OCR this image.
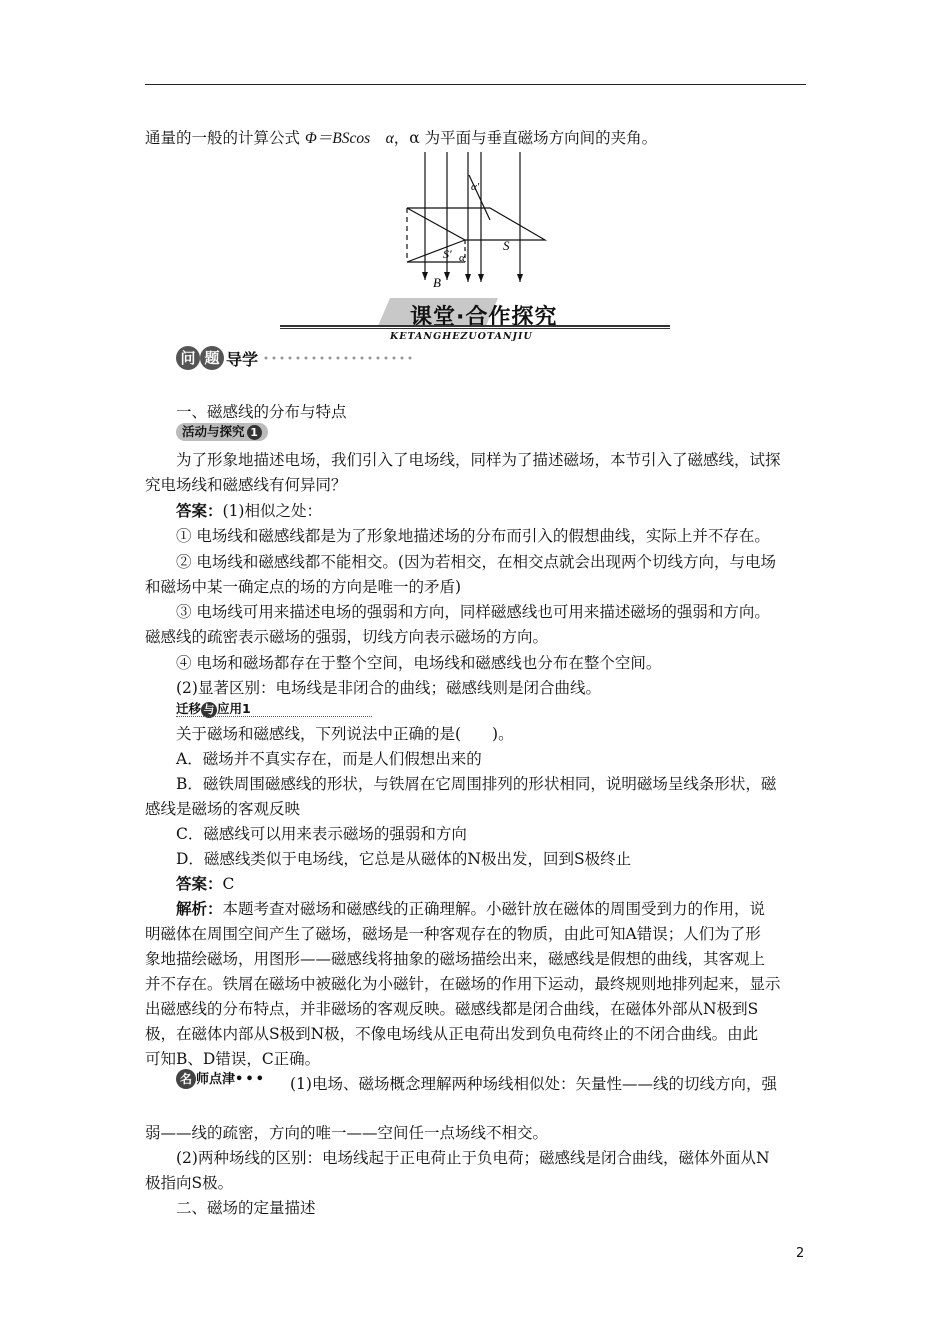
通量的一般的计算公式 Φ＝BScos　α，α 为平面与垂直磁场方向间的夹角。
B
S
S′ α
α′
课堂·合作探究
KETANGHEZUOTANJIU
问 题 导学
一、磁感线的分布与特点
活动与探究 1
为了形象地描述电场，我们引入了电场线，同样为了描述磁场，本节引入了磁感线，试探
究电场线和磁感线有何异同？
答案：(1)相似之处：
① 电场线和磁感线都是为了形象地描述场的分布而引入的假想曲线，实际上并不存在。
② 电场线和磁感线都不能相交。(因为若相交，在相交点就会出现两个切线方向，与电场
和磁场中某一确定点的场的方向是唯一的矛盾)
③ 电场线可用来描述电场的强弱和方向，同样磁感线也可用来描述磁场的强弱和方向。
磁感线的疏密表示磁场的强弱，切线方向表示磁场的方向。
④ 电场和磁场都存在于整个空间，电场线和磁感线也分布在整个空间。
(2)显著区别：电场线是非闭合的曲线；磁感线则是闭合曲线。
迁移 与 应用1
关于磁场和磁感线，下列说法中正确的是(　　)。
A．磁场并不真实存在，而是人们假想出来的
B．磁铁周围磁感线的形状，与铁屑在它周围排列的形状相同，说明磁场呈线条形状，磁
感线是磁场的客观反映
C．磁感线可以用来表示磁场的强弱和方向
D．磁感线类似于电场线，它总是从磁体的N极出发，回到S极终止
答案：C
解析：本题考查对磁场和磁感线的正确理解。小磁针放在磁体的周围受到力的作用，说
明磁体在周围空间产生了磁场，磁场是一种客观存在的物质，由此可知A错误；人们为了形
象地描绘磁场，用图形——磁感线将抽象的磁场描绘出来，磁感线是假想的曲线，其客观上
并不存在。铁屑在磁场中被磁化为小磁针，在磁场的作用下运动，最终规则地排列起来，显示
出磁感线的分布特点，并非磁场的客观反映。磁感线都是闭合曲线，在磁体外部从N极到S
极，在磁体内部从S极到N极，不像电场线从正电荷出发到负电荷终止的不闭合曲线。由此
可知B、D错误，C正确。
名 师点津••• (1)电场、磁场概念理解两种场线相似处：矢量性——线的切线方向，强
弱——线的疏密，方向的唯一——空间任一点场线不相交。
(2)两种场线的区别：电场线起于正电荷止于负电荷；磁感线是闭合曲线，磁体外面从N
极指向S极。
二、磁场的定量描述
2
